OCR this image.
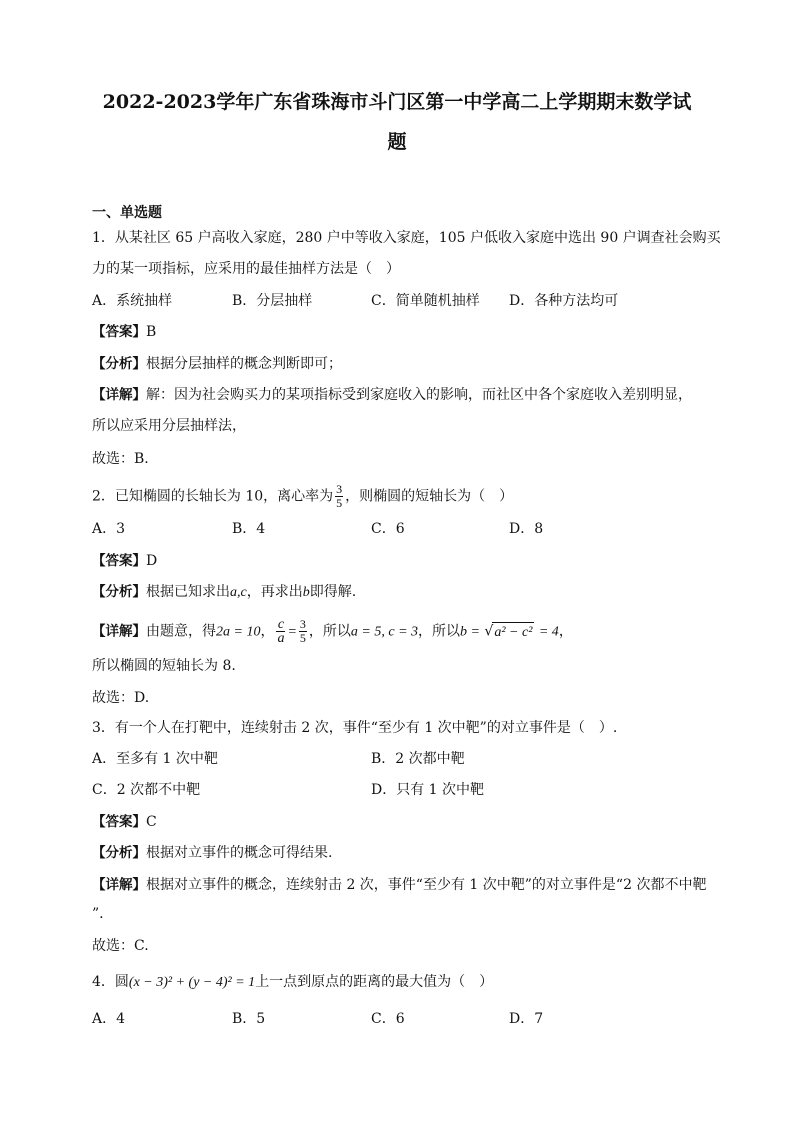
2022-2023学年广东省珠海市斗门区第一中学高二上学期期末数学试
题
一、单选题
1．从某社区 65 户高收入家庭，280 户中等收入家庭，105 户低收入家庭中选出 90 户调查社会购买
力的某一项指标，应采用的最佳抽样方法是（　）
A．系统抽样	B．分层抽样	C．简单随机抽样 D．各种方法均可
【答案】B
【分析】根据分层抽样的概念判断即可；
【详解】解：因为社会购买力的某项指标受到家庭收入的影响，而社区中各个家庭收入差别明显，
所以应采用分层抽样法，
故选：B.
2．已知椭圆的长轴长为 10，离心率为 $\frac{3}{5}$ ，则椭圆的短轴长为（　）
A．3	B．4	C．6	D．8
【答案】D
【分析】根据已知求出a,c，再求出b即得解.
【详解】由题意，得2a = 10， $\frac{c}{a} = \frac{3}{5}$ ，所以a = 5, c = 3，所以b = √a² − c² = 4，
所以椭圆的短轴长为 8.
故选：D.
3．有一个人在打靶中，连续射击 2 次，事件“至少有 1 次中靶”的对立事件是（　）.
A．至多有 1 次中靶	B．2 次都中靶
C．2 次都不中靶	D．只有 1 次中靶
【答案】C
【分析】根据对立事件的概念可得结果.
【详解】根据对立事件的概念，连续射击 2 次，事件“至少有 1 次中靶”的对立事件是“2 次都不中靶
”.
故选：C.
4．圆(x − 3)² + (y − 4)² = 1上一点到原点的距离的最大值为（　）
A．4	B．5	C．6	D．7
